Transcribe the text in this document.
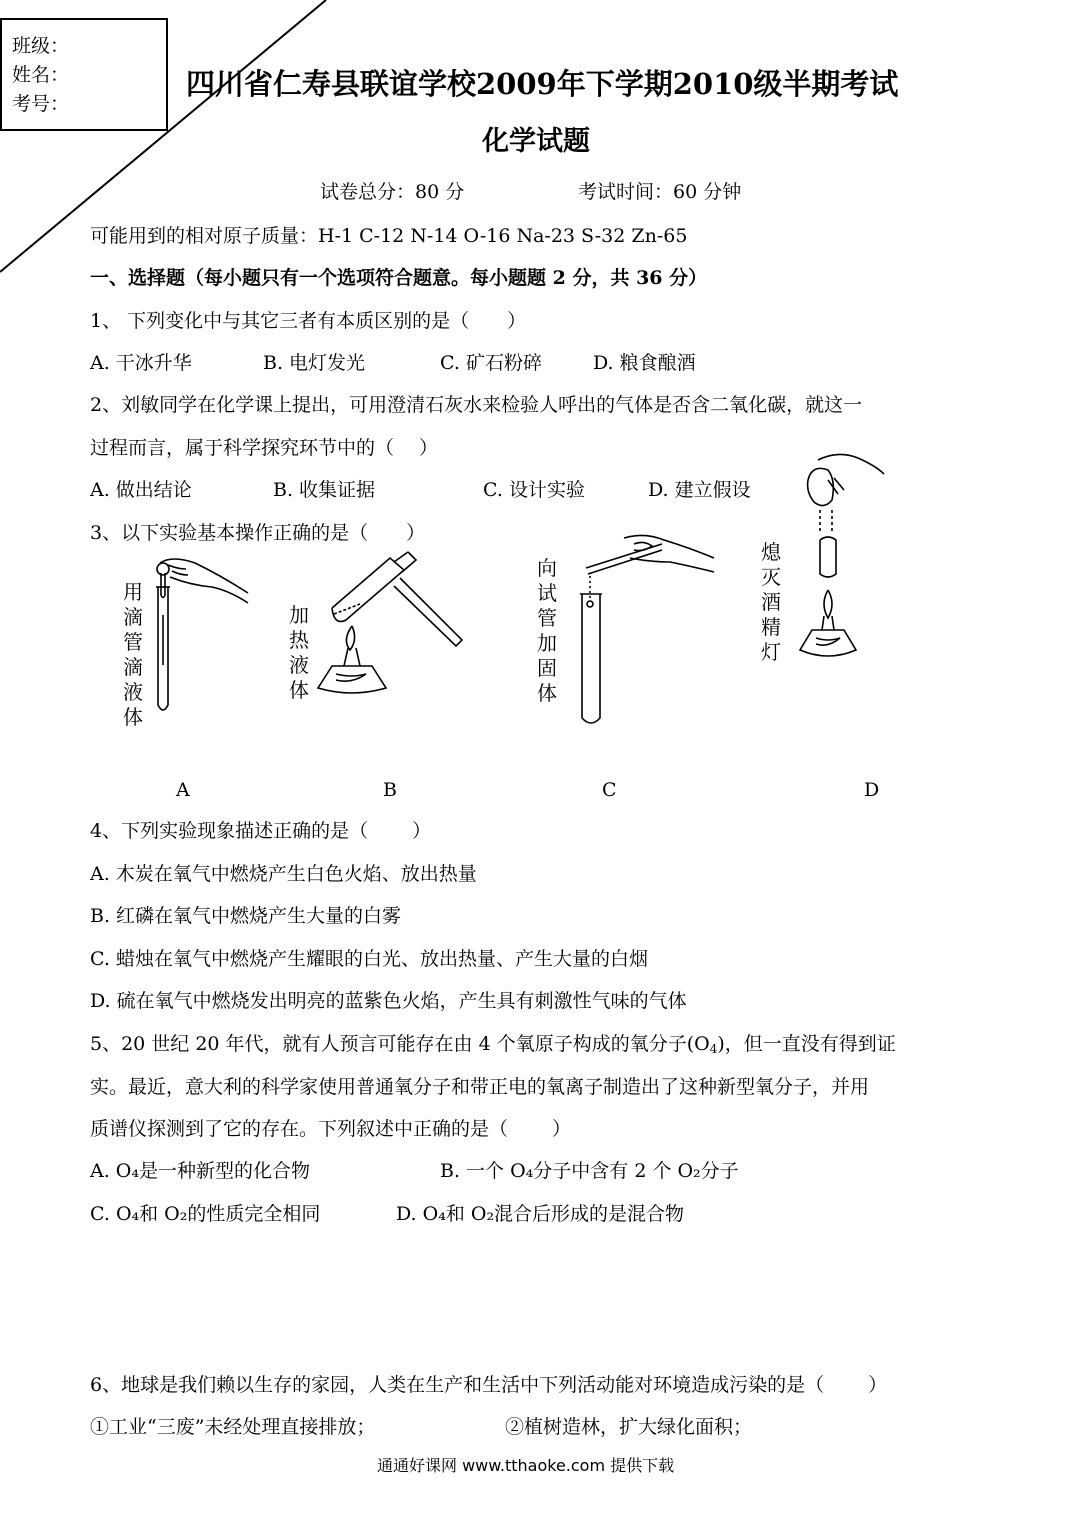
班级：
姓名：
考号：
四川省仁寿县联谊学校2009年下学期2010级半期考试
化学试题
试卷总分：80 分	考试时间：60 分钟
可能用到的相对原子质量：H-1 C-12 N-14 O-16 Na-23 S-32 Zn-65
一、选择题（每小题只有一个选项符合题意。每小题题 2 分，共 36 分）
1、 下列变化中与其它三者有本质区别的是（　　）
A. 干冰升华	B. 电灯发光	C. 矿石粉碎	D. 粮食酿酒
2、刘敏同学在化学课上提出，可用澄清石灰水来检验人呼出的气体是否含二氧化碳，就这一
过程而言，属于科学探究环节中的（　 ）
A. 做出结论	B. 收集证据	C. 设计实验	D. 建立假设
3、以下实验基本操作正确的是（　　）
用滴管滴液体
A
加热液体
B
向试管加固体
C
熄灭酒精灯
D
4、下列实验现象描述正确的是（　　 ）
A. 木炭在氧气中燃烧产生白色火焰、放出热量
B. 红磷在氧气中燃烧产生大量的白雾
C. 蜡烛在氧气中燃烧产生耀眼的白光、放出热量、产生大量的白烟
D. 硫在氧气中燃烧发出明亮的蓝紫色火焰，产生具有刺激性气味的气体
5、20 世纪 20 年代，就有人预言可能存在由 4 个氧原子构成的氧分子$(O_4)$，但一直没有得到证
实。最近，意大利的科学家使用普通氧分子和带正电的氧离子制造出了这种新型氧分子，并用
质谱仪探测到了它的存在。下列叙述中正确的是（　　 ）
A. O₄是一种新型的化合物	B. 一个 O₄分子中含有 2 个 O₂分子
C. O₄和 O₂的性质完全相同	D. O₄和 O₂混合后形成的是混合物
6、地球是我们赖以生存的家园，人类在生产和生活中下列活动能对环境造成污染的是（　　 ）
①工业“三废”未经处理直接排放；	②植树造林，扩大绿化面积；
通通好课网 www.tthaoke.com 提供下载
